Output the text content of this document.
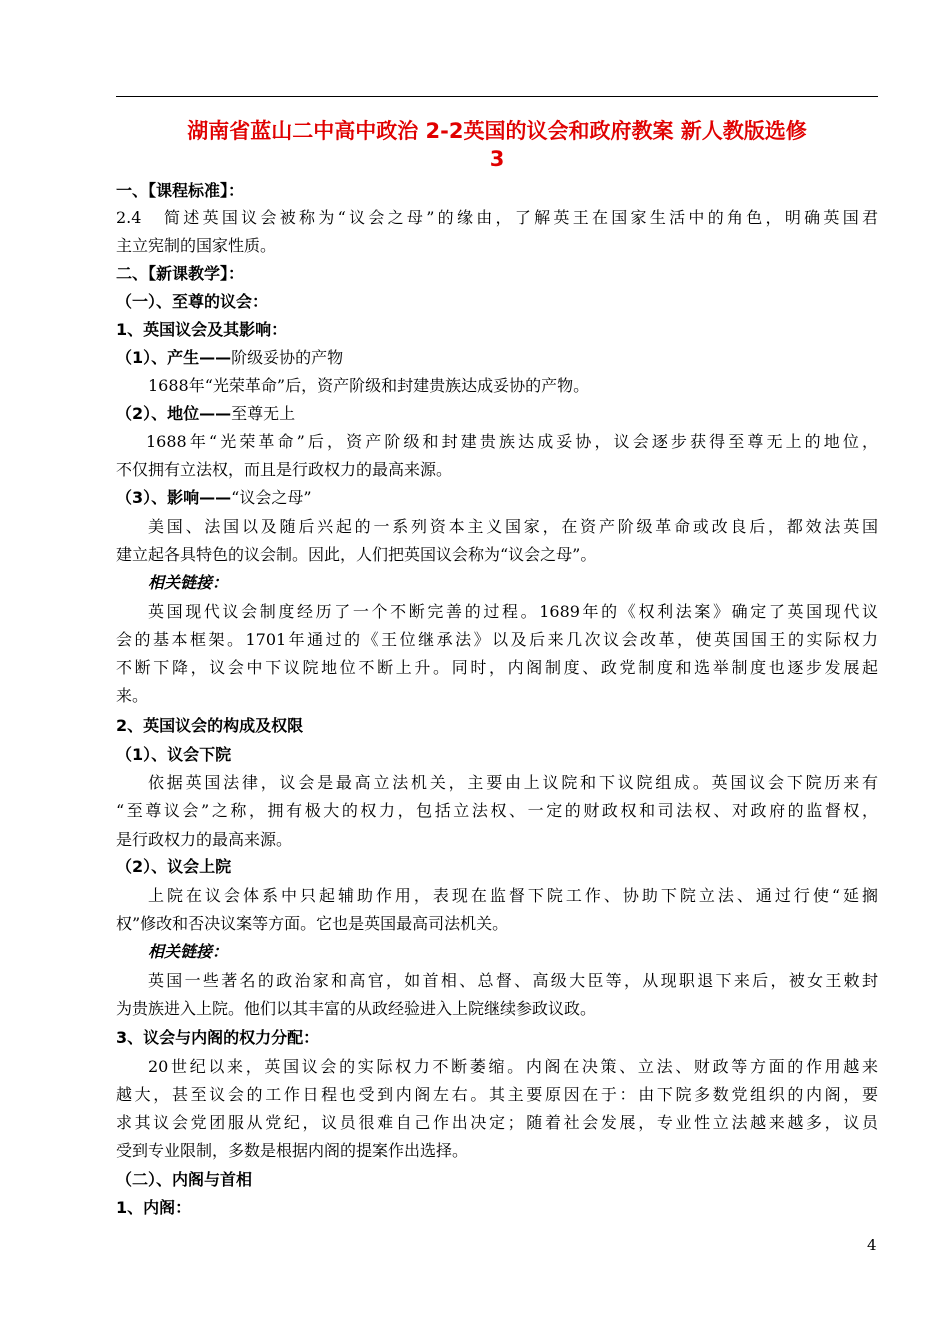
湖南省蓝山二中高中政治 2-2英国的议会和政府教案 新人教版选修
3
一、【课程标准】：
2.4　简述英国议会被称为“议会之母”的缘由，了解英王在国家生活中的角色，明确英国君
主立宪制的国家性质。
二、【新课教学】：
（一）、至尊的议会：
1、英国议会及其影响：
（1）、产生——阶级妥协的产物
1688年“光荣革命”后，资产阶级和封建贵族达成妥协的产物。
（2）、地位——至尊无上
1688年“光荣革命”后，资产阶级和封建贵族达成妥协，议会逐步获得至尊无上的地位，
不仅拥有立法权，而且是行政权力的最高来源。
（3）、影响——“议会之母”
美国、法国以及随后兴起的一系列资本主义国家，在资产阶级革命或改良后，都效法英国
建立起各具特色的议会制。因此，人们把英国议会称为“议会之母”。
相关链接：
英国现代议会制度经历了一个不断完善的过程。1689年的《权利法案》确定了英国现代议
会的基本框架。1701年通过的《王位继承法》以及后来几次议会改革，使英国国王的实际权力
不断下降，议会中下议院地位不断上升。同时，内阁制度、政党制度和选举制度也逐步发展起
来。
2、英国议会的构成及权限
（1）、议会下院
依据英国法律，议会是最高立法机关，主要由上议院和下议院组成。英国议会下院历来有
“至尊议会”之称，拥有极大的权力，包括立法权、一定的财政权和司法权、对政府的监督权，
是行政权力的最高来源。
（2）、议会上院
上院在议会体系中只起辅助作用，表现在监督下院工作、协助下院立法、通过行使“延搁
权”修改和否决议案等方面。它也是英国最高司法机关。
相关链接：
英国一些著名的政治家和高官，如首相、总督、高级大臣等，从现职退下来后，被女王敕封
为贵族进入上院。他们以其丰富的从政经验进入上院继续参政议政。
3、议会与内阁的权力分配：
20世纪以来，英国议会的实际权力不断萎缩。内阁在决策、立法、财政等方面的作用越来
越大，甚至议会的工作日程也受到内阁左右。其主要原因在于：由下院多数党组织的内阁，要
求其议会党团服从党纪，议员很难自己作出决定；随着社会发展，专业性立法越来越多，议员
受到专业限制，多数是根据内阁的提案作出选择。
（二）、内阁与首相
1、内阁：
4
